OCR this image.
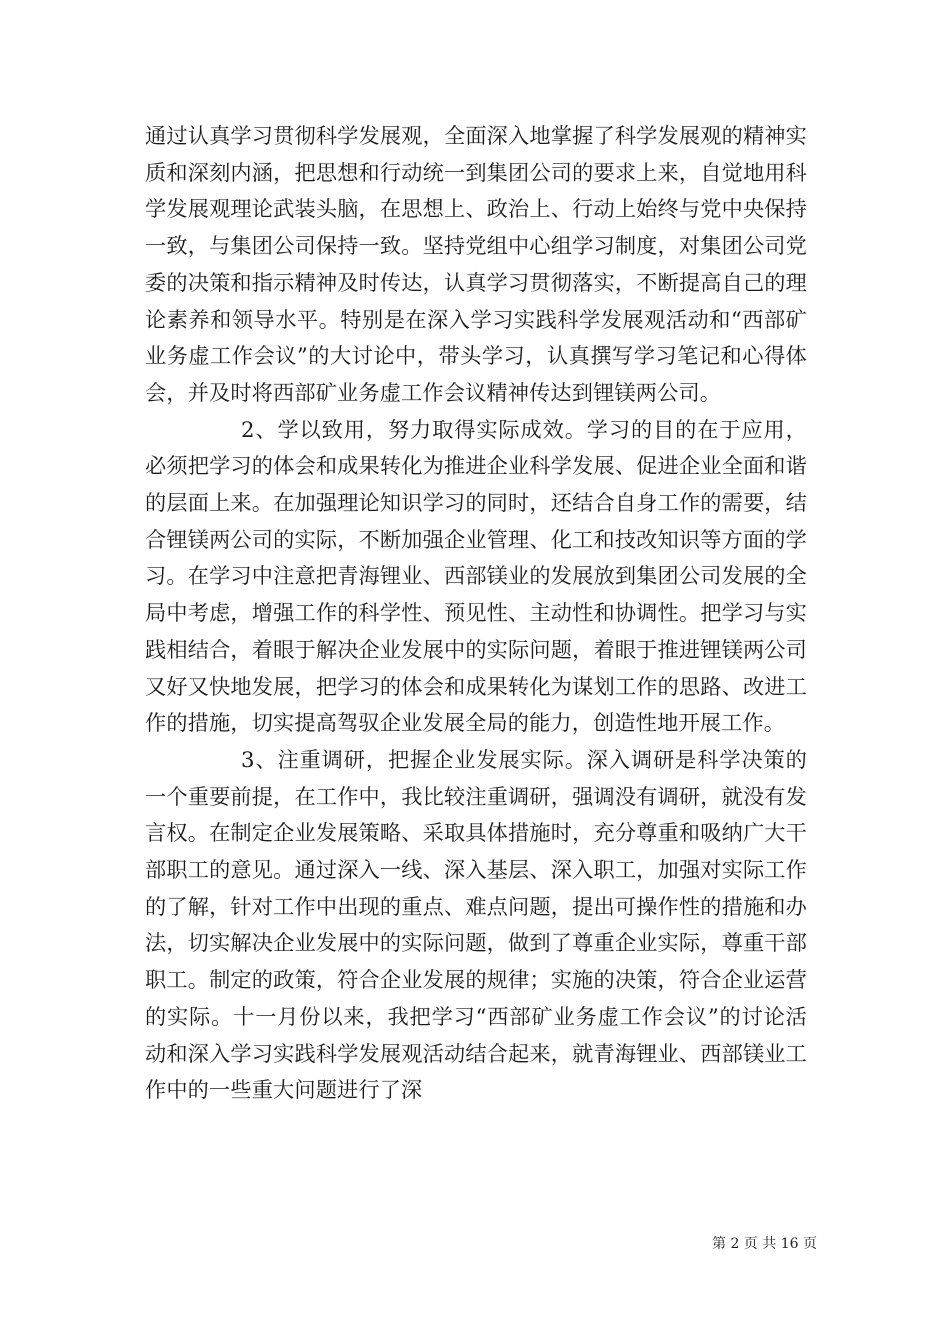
通过认真学习贯彻科学发展观，全面深入地掌握了科学发展观的精神实质和深刻内涵，把思想和行动统一到集团公司的要求上来，自觉地用科学发展观理论武装头脑，在思想上、政治上、行动上始终与党中央保持一致，与集团公司保持一致。坚持党组中心组学习制度，对集团公司党委的决策和指示精神及时传达，认真学习贯彻落实，不断提高自己的理论素养和领导水平。特别是在深入学习实践科学发展观活动和“西部矿业务虚工作会议”的大讨论中，带头学习，认真撰写学习笔记和心得体会，并及时将西部矿业务虚工作会议精神传达到锂镁两公司。

2、学以致用，努力取得实际成效。学习的目的在于应用，必须把学习的体会和成果转化为推进企业科学发展、促进企业全面和谐的层面上来。在加强理论知识学习的同时，还结合自身工作的需要，结合锂镁两公司的实际，不断加强企业管理、化工和技改知识等方面的学习。在学习中注意把青海锂业、西部镁业的发展放到集团公司发展的全局中考虑，增强工作的科学性、预见性、主动性和协调性。把学习与实践相结合，着眼于解决企业发展中的实际问题，着眼于推进锂镁两公司又好又快地发展，把学习的体会和成果转化为谋划工作的思路、改进工作的措施，切实提高驾驭企业发展全局的能力，创造性地开展工作。

3、注重调研，把握企业发展实际。深入调研是科学决策的一个重要前提，在工作中，我比较注重调研，强调没有调研，就没有发言权。在制定企业发展策略、采取具体措施时，充分尊重和吸纳广大干部职工的意见。通过深入一线、深入基层、深入职工，加强对实际工作的了解，针对工作中出现的重点、难点问题，提出可操作性的措施和办法，切实解决企业发展中的实际问题，做到了尊重企业实际，尊重干部职工。制定的政策，符合企业发展的规律；实施的决策，符合企业运营的实际。十一月份以来，我把学习“西部矿业务虚工作会议”的讨论活动和深入学习实践科学发展观活动结合起来，就青海锂业、西部镁业工作中的一些重大问题进行了深

第 2 页 共 16 页
